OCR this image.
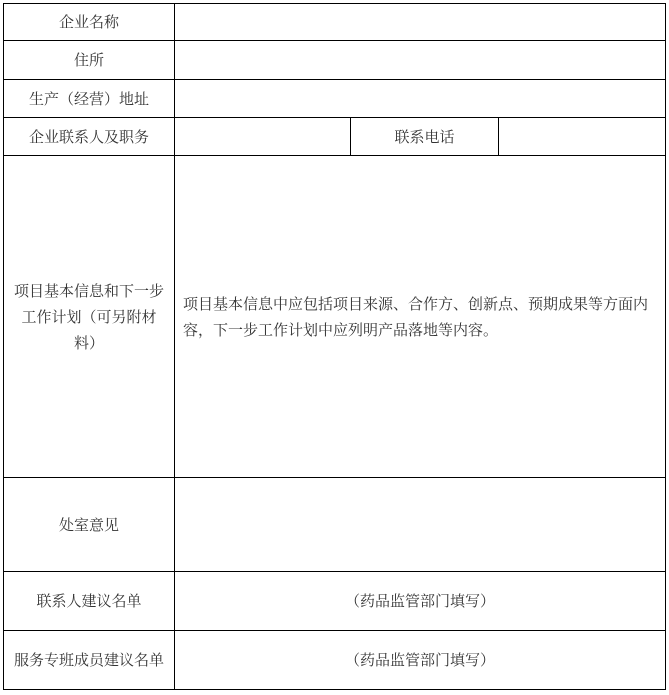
企业名称			
住所			
生产（经营）地址			
企业联系人及职务		联系电话	
项目基本信息和下一步工作计划（可另附材料）	项目基本信息中应包括项目来源、合作方、创新点、预期成果等方面内容，下一步工作计划中应列明产品落地等内容。		
处室意见			
联系人建议名单	（药品监管部门填写）		
服务专班成员建议名单	（药品监管部门填写）		
